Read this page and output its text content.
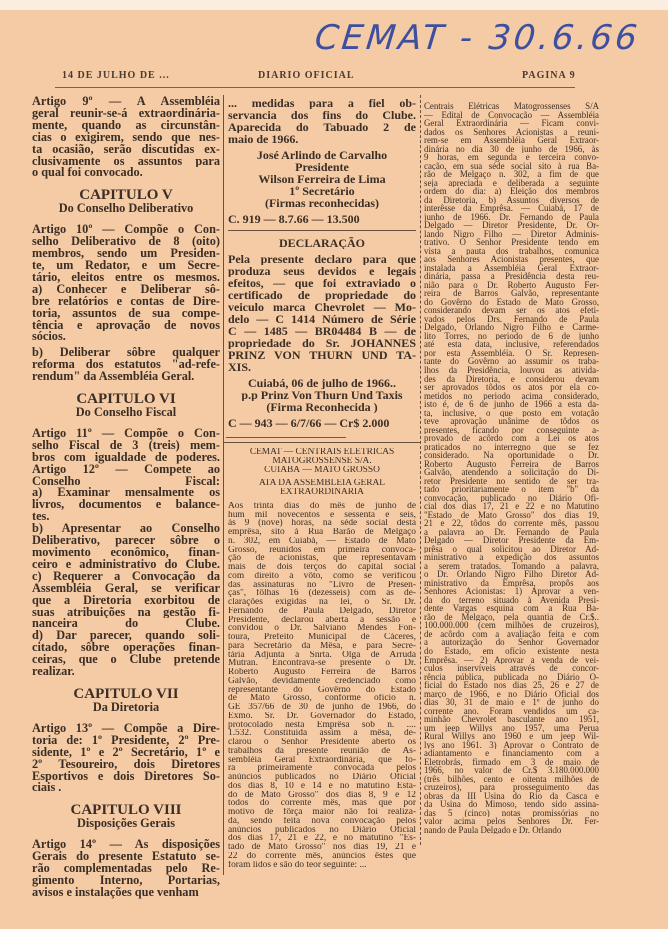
CEMAT - 30.6.66
14 DE JULHO DE ...	DIARIO OFICIAL	PAGINA 9
Artigo 9º — A Assembléia
geral reunir-se-á extraordinária-
mente, quando as circunstân-
cias o exigirem, sendo que nes-
ta ocasião, serão discutidas ex-
clusivamente os assuntos para
o qual foi convocado.
CAPITULO V
Do Conselho Deliberativo
Artigo 10º — Compõe o Con-
selho Deliberativo de 8 (oito)
membros, sendo um Presiden-
te, um Redator, e um Secre-
tário, eleitos entre os mesmos.
a) Conhecer e Deliberar sô-
bre relatórios e contas de Dire-
toria, assuntos de sua compe-
tência e aprovação de novos
sócios.
b) Deliberar sôbre qualquer
reforma dos estatutos "ad-refe-
rendum" da Assembléia Geral.
CAPITULO VI
Do Conselho Fiscal
Artigo 11º — Compõe o Con-
selho Fiscal de 3 (treis) mem-
bros com igualdade de poderes.
Artigo 12º — Compete ao
Conselho Fiscal:
a) Examinar mensalmente os
livros, documentos e balance-
tes.
b) Apresentar ao Conselho
Deliberativo, parecer sôbre o
movimento econômico, finan-
ceiro e administrativo do Clube.
c) Requerer a Convocação da
Assembléia Geral, se verificar
que a Diretoria exorbitou de
suas atribuições na gestão fi-
nanceira do Clube.
d) Dar parecer, quando soli-
citado, sôbre operações finan-
ceiras, que o Clube pretende
realizar.
CAPITULO VII
Da Diretoria
Artigo 13º — Compõe a Dire-
toria de: 1º Presidente, 2º Pre-
sidente, 1º e 2º Secretário, 1º e
2º Tesoureiro, dois Diretores
Esportivos e dois Diretores So-
ciais .
CAPITULO VIII
Disposições Gerais
Artigo 14º — As disposições
Gerais do presente Estatuto se-
rão complementadas pelo Re-
gimento Interno, Portarias,
avisos e instalações que venham
... medidas para a fiel ob-
servancia dos fins do Clube.
Aparecida do Tabuado 2 de
maio de 1966.
José Arlindo de Carvalho
Presidente
Wilson Ferreira de Lima
1º Secretário
(Firmas reconhecidas)
C. 919 — 8.7.66 — 13.500
DECLARAÇÃO
Pela presente declaro para que
produza seus devidos e legais
efeitos, — que foi extraviado o
certificado de propriedade do
veiculo marca Chevrolet — Mo-
delo — C 1414 Número de Série
C — 1485 — BR04484 B — de
propriedade do Sr. JOHANNES
PRINZ VON THURN UND TA-
XIS.
Cuiabá, 06 de julho de 1966..
p.p Prinz Von Thurn Und Taxis
(Firma Reconhecida )
C — 943 — 6/7/66 — Cr$ 2.000
CEMAT — CENTRAIS ELETRICAS
MATOGROSSENSE S/A.
CUIABÁ — MATO GROSSO
ATA DA ASSEMBLEIA GERAL
EXTRAORDINARIA
Aos trinta dias do mês de junho de
hum mil novecentos e sessenta e seis,
às 9 (nove) horas, na séde social desta
emprêsa, sito à Rua Barão de Melgaço
n. 302, em Cuiabá, — Estado de Mato
Grosso, reunidos em primeira convoca-
ção de acionistas, que representavam
mais de dois terços do capital social
com direito a vôto, como se verificou
das assinaturas no "Livro de Presen-
ças", fôlhas 16 (dezesseis) com as de-
clarações exigidas na lei, o Sr. Dr.
Fernando de Paula Delgado, Diretor
Presidente, declarou aberta a sessão e
convidou o Dr. Salviano Mendes Fon-
toura, Prefeito Municipal de Cáceres,
para Secretário da Mêsa, e para Secre-
tária Adjunta a Snrta. Olga de Arruda
Mutran. Encontrava-se presente o Dr.
Roberto Augusto Ferreira de Barros
Galvão, devidamente credenciado como
representante do Govêrno do Estado
de Mato Grosso, conforme ofício n.
GE 357/66 de 30 de junho de 1966, do
Exmo. Sr. Dr. Governador do Estado,
protocolado nesta Emprêsa sob n. ....
1.532. Constituida assim a mêsa, de-
clarou o Senhor Presidente aberto os
trabalhos da presente reunião de As-
sembléia Geral Extraordinária, que fo-
ra primeiramente convocada pelos
anúncios publicados no Diário Oficial
dos dias 8, 10 e 14 e no matutino Esta-
do de Mato Grosso" dos dias 8, 9 e 12
todos do corrente mês, mas que por
motivo de fôrça maior não foi realiza-
da, sendo feita nova convocação pelos
anúncios publicados no Diário Oficial
dos dias 17, 21 e 22, e no matutino "Es-
tado de Mato Grosso" nos dias 19, 21 e
22 do corrente mês, anúncios êstes que
foram lidos e são do teor seguinte: ...
Centrais Elétricas Matogrossenses S/A
— Edital de Convocação — Assembléia
Geral Extraordinária — Ficam convi-
dados os Senhores Acionistas a reuni-
rem-se em Assembléia Geral Extraor-
dinária no dia 30 de junho de 1966, às
9 horas, em segunda e terceira convo-
cação, em sua séde social sito à rua Ba-
rão de Melgaço n. 302, a fim de que
seja apreciada e deliberada a seguinte
ordem do dia: a) Eleição dos membros
da Diretoria, b) Assuntos diversos de
interêsse da Emprêsa. — Cuiabá, 17 de
junho de 1966. Dr. Fernando de Paula
Delgado — Diretor Presidente, Dr. Or-
lando Nigro Filho — Diretor Adminis-
trativo. O Senhor Presidente tendo em
vista a pauta dos trabalhos, comunica
aos Senhores Acionistas presentes, que
instalada a Assembléia Geral Extraor-
dinária, passa a Presidência desta reu-
nião para o Dr. Roberto Augusto Fer-
reira de Barros Galvão, representante
do Govêrno do Estado de Mato Grosso,
considerando devam ser os atos efeti-
vados pelos Drs. Fernando de Paula
Delgado, Orlando Nigro Filho e Carme-
lito Torres, no periodo de 6 de junho
até esta data, inclusive, referendados
por esta Assembléia. O Sr. Represen-
tante do Govêrno ao assumir os traba-
lhos da Presidência, louvou as ativida-
des da Diretoria, e considerou devam
ser aprovados tôdos os atos por ela co-
metidos no periodo acima considerado,
isto é, de 6 de junho de 1966 a esta da-
ta, inclusive, o que posto em votação
teve aprovação unânime de tôdos os
presentes, ficando por conseguinte a-
provado de acôrdo com a Lei os atos
praticados no interregno que se fez
considerado. Na oportunidade o Dr.
Roberto Augusto Ferreira de Barros
Galvão, atendendo a solicitação do Di-
retor Presidente no sentido de ser tra-
tado prioritariamente o item "b" da
convocação, publicado no Diário Ofi-
cial dos dias 17, 21 e 22 e no Matutino
"Estado de Mato Grosso" dos dias 19,
21 e 22, tôdos do corrente mês, passou
a palavra ao Dr. Fernando de Paula
Delgado — Diretor Presidente da Em-
prêsa o qual solicitou ao Diretor Ad-
ministrativo a expedição dos assuntos
a serem tratados. Tomando a palavra,
o Dr. Orlando Nigro Filho Diretor Ad-
ministrativo da Emprêsa, propôs aos
Senhores Acionistas: 1) Aprovar a ven-
da do terreno situado à Avenida Presi-
dente Vargas esquina com a Rua Ba-
rão de Melgaço, pela quantia de Cr.$..
100.000.000 (cem milhões de cruzeiros),
de acôrdo com a avaliação feita e com
a autorização do Senhor Governador
do Estado, em ofício existente nesta
Emprêsa. — 2) Aprovar a venda de vei-
culos inservíveis através de concor-
rência pública, publicada no Diário O-
ficial do Estado nos dias 25, 26 e 27 de
março de 1966, e no Diário Oficial dos
dias 30, 31 de maio e 1º de junho do
corrente ano. Foram vendidos um ca-
minhão Chevrolet basculante ano 1951,
um jeep Willys ano 1957, uma Perua
Rural Willys ano 1960 e um jeep Wil-
lys ano 1961. 3) Aprovar o Contrato de
adiantamento e financiamento com a
Eletrobrás, firmado em 3 de maio de
1966, no valor de Cr.$ 3.180.000.000
(três bilhões, cento e oitenta milhões de
cruzeiros), para prosseguimento das
obras da III Usina do Rio da Casca e
da Usina do Mimoso, tendo sido assina-
das 5 (cinco) notas promissórias no
valor acima pelos Senhores Dr. Fer-
nando de Paula Delgado e Dr. Orlando
